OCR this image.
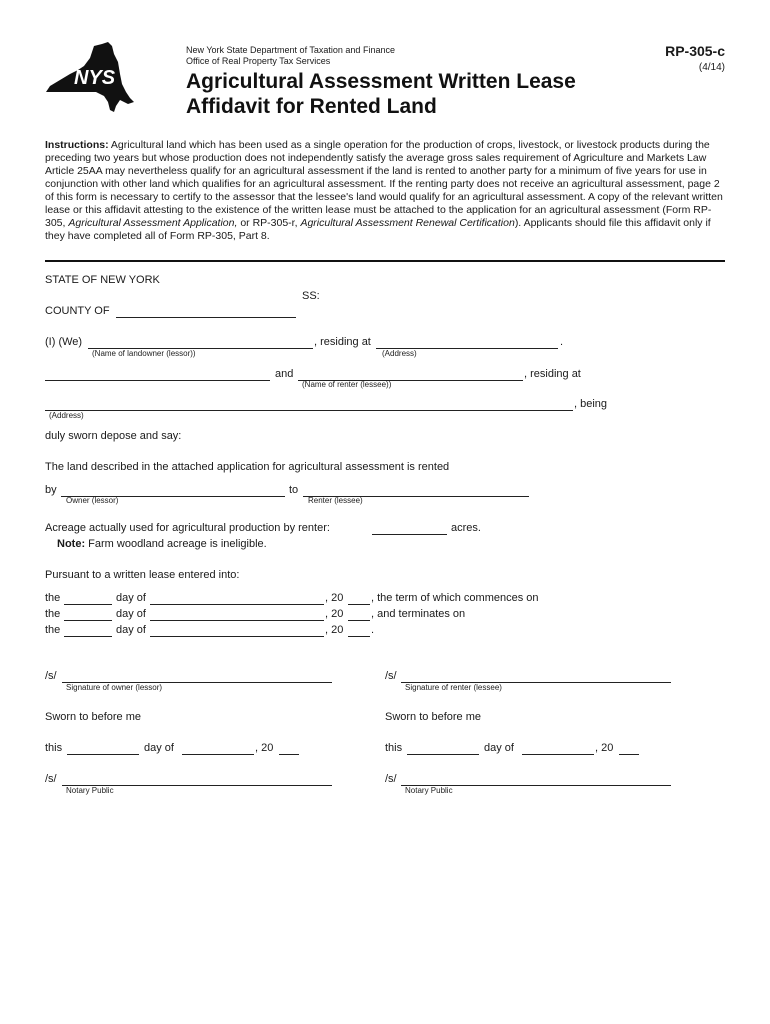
NYS
New York State Department of Taxation and Finance
Office of Real Property Tax Services
Agricultural Assessment Written Lease
Affidavit for Rented Land
RP-305-c
(4/14)
Instructions: Agricultural land which has been used as a single operation for the production of crops, livestock, or livestock products during the preceding two years but whose production does not independently satisfy the average gross sales requirement of Agriculture and Markets Law Article 25AA may nevertheless qualify for an agricultural assessment if the land is rented to another party for a minimum of five years for use in conjunction with other land which qualifies for an agricultural assessment. If the renting party does not receive an agricultural assessment, page 2 of this form is necessary to certify to the assessor that the lessee's land would qualify for an agricultural assessment. A copy of the relevant written lease or this affidavit attesting to the existence of the written lease must be attached to the application for an agricultural assessment (Form RP-305, Agricultural Assessment Application, or RP-305-r, Agricultural Assessment Renewal Certification). Applicants should file this affidavit only if they have completed all of Form RP-305, Part 8.
STATE OF NEW YORK
SS:
COUNTY OF
(I) (We)	, residing at	.
(Name of landowner (lessor))	(Address)
and	, residing at
(Name of renter (lessee))
, being
(Address)
duly sworn depose and say:
The land described in the attached application for agricultural assessment is rented
by	to
Owner (lessor)	Renter (lessee)
Acreage actually used for agricultural production by renter:	acres.
Note: Farm woodland acreage is ineligible.
Pursuant to a written lease entered into:
the	day of	, 20	, the term of which commences on
the	day of	, 20	, and terminates on
the	day of	, 20	.
/s/
Signature of owner (lessor)
/s/
Signature of renter (lessee)
Sworn to before me	Sworn to before me
this	day of	, 20	this	day of	, 20
/s/
Notary Public
/s/
Notary Public
